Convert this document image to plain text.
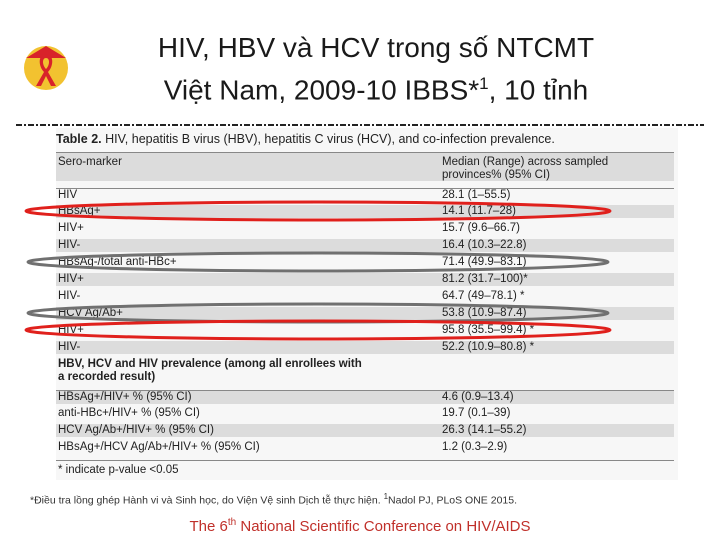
HIV, HBV và HCV trong số NTCMT
Việt Nam, 2009-10 IBBS*$^1$, 10 tỉnh
Table 2. HIV, hepatitis B virus (HBV), hepatitis C virus (HCV), and co-infection prevalence.
Sero-marker	Median (Range) across sampled
provinces% (95% CI)
HIV	28.1 (1–55.5)
HBsAg+	14.1 (11.7–28)
HIV+	15.7 (9.6–66.7)
HIV-	16.4 (10.3–22.8)
HBsAg-/total anti-HBc+	71.4 (49.9–83.1)
HIV+	81.2 (31.7–100)*
HIV-	64.7 (49–78.1) *
HCV Ag/Ab+	53.8 (10.9–87.4)
HIV+	95.8 (35.5–99.4) *
HIV-	52.2 (10.9–80.8) *
HBV, HCV and HIV prevalence (among all enrollees with
a recorded result)
HBsAg+/HIV+ % (95% CI)	4.6 (0.9–13.4)
anti-HBc+/HIV+ % (95% CI)	19.7 (0.1–39)
HCV Ag/Ab+/HIV+ % (95% CI)	26.3 (14.1–55.2)
HBsAg+/HCV Ag/Ab+/HIV+ % (95% CI)	1.2 (0.3–2.9)
* indicate p-value <0.05
*Điều tra lồng ghép Hành vi và Sinh học, do Viện Vệ sinh Dịch tễ thực hiện. $^1$Nadol PJ, PLoS ONE 2015.
The 6th National Scientific Conference on HIV/AIDS
